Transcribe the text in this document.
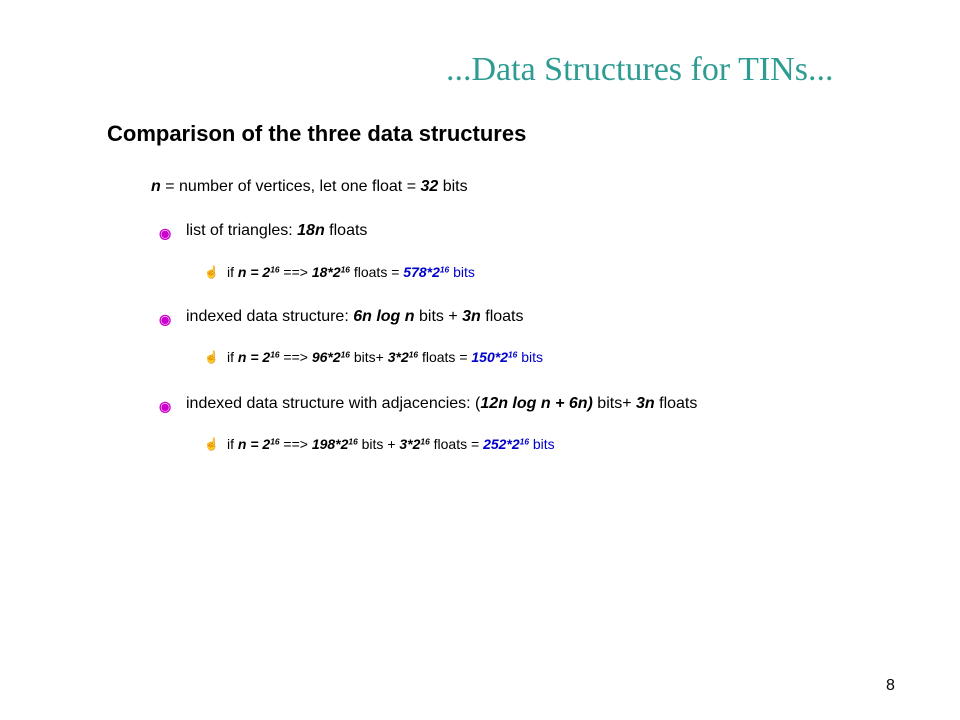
...Data Structures for TINs...
Comparison of the three data structures
n = number of vertices, let one float = 32 bits
◉ list of triangles: 18n floats
☝ if $n = 2^{16}$ ==> $18*2^{16}$ floats = $578*2^{16}$ bits
◉ indexed data structure: 6n log n bits + 3n floats
☝ if $n = 2^{16}$ ==> $96*2^{16}$ bits+ $3*2^{16}$ floats = $150*2^{16}$ bits
◉ indexed data structure with adjacencies: (12n log n + 6n) bits+ 3n floats
☝ if $n = 2^{16}$ ==> $198*2^{16}$ bits + $3*2^{16}$ floats = $252*2^{16}$ bits
8
